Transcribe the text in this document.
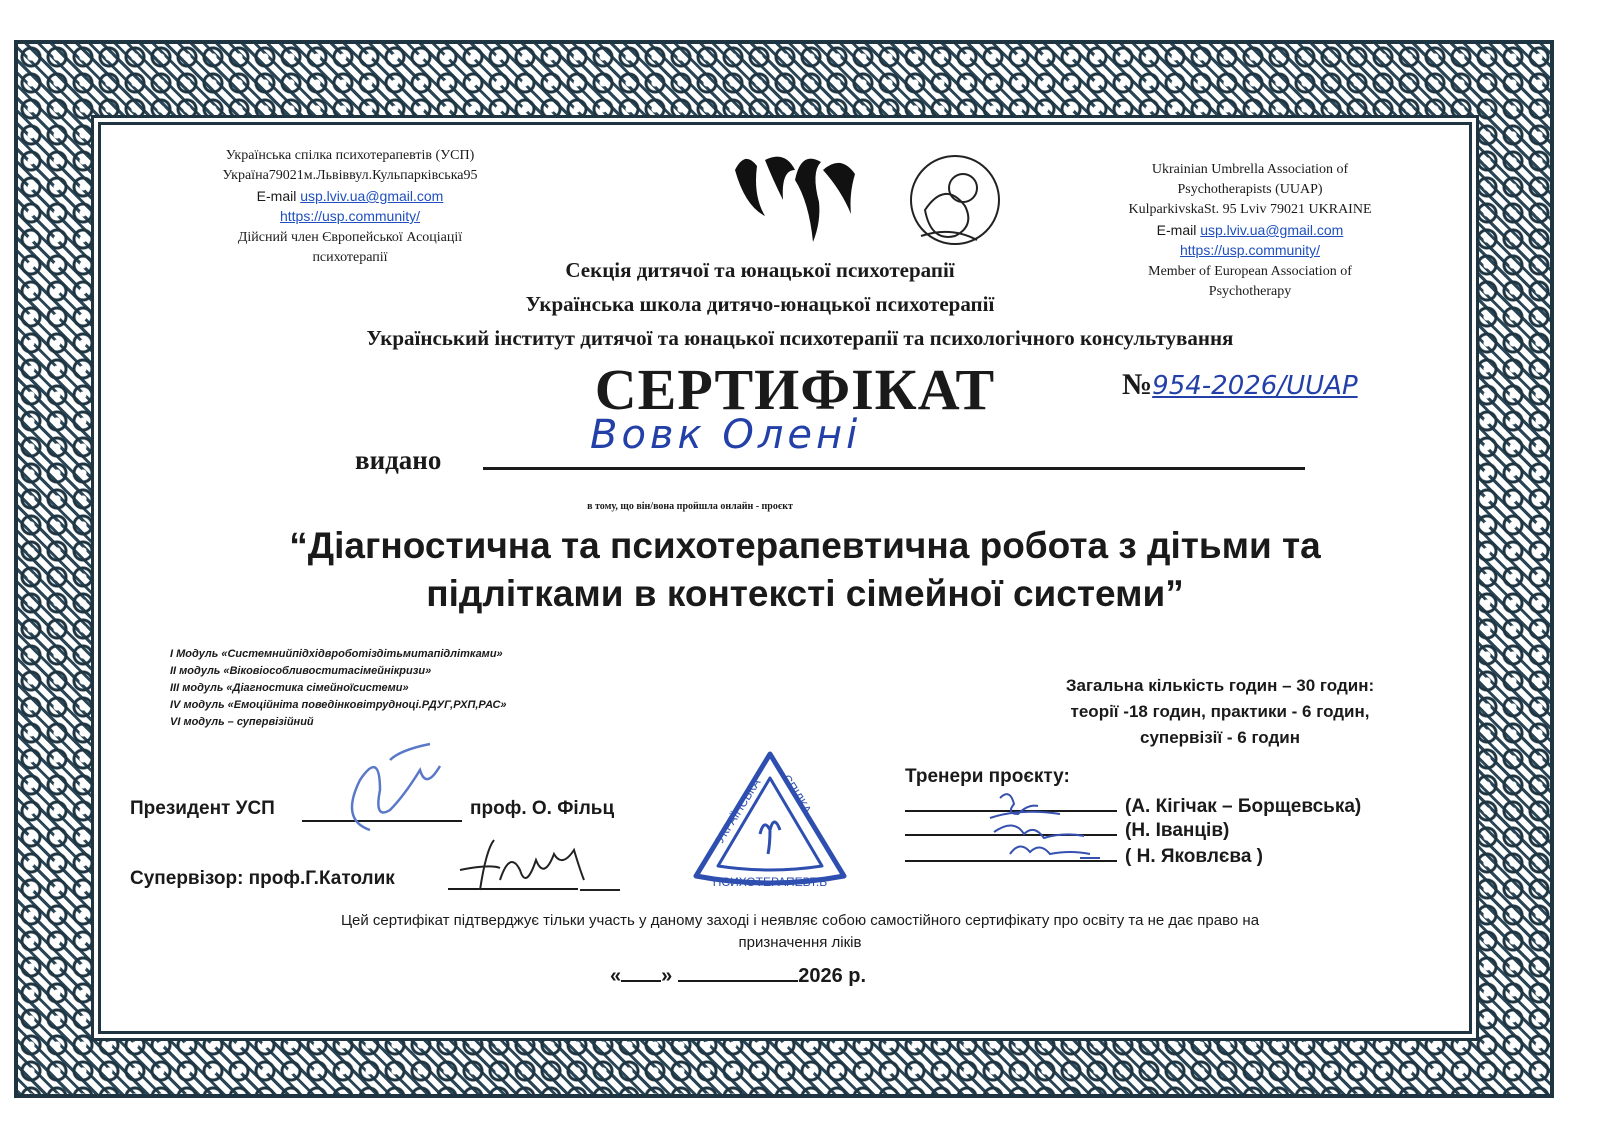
Українська спілка психотерапевтів (УСП)
Україна79021м.Львіввул.Кульпарківська95
E-mail usp.lviv.ua@gmail.com
https://usp.community/
Дійсний член Європейської Асоціації
психотерапії
Ukrainian Umbrella Association of
Psychotherapists (UUAP)
KulparkivskaSt. 95 Lviv 79021 UKRAINE
E-mail usp.lviv.ua@gmail.com
https://usp.community/
Member of European Association of
Psychotherapy
Секція дитячої та юнацької психотерапії
Українська школа дитячо-юнацької психотерапії
Український інститут дитячої та юнацької психотерапії та психологічного консультування
СЕРТИФІКАТ	№954-2026/UUAP
видано
Вовк Олені
в тому, що він/вона пройшла онлайн - проєкт
“Діагностична та психотерапевтична робота з дітьми та
підлітками в контексті сімейної системи”
I Модуль «Системнийпідхідвроботіздітьмитапідлітками»
II модуль «Віковіособливоститасімейнікризи»
III модуль «Діагностика сімейноїсистеми»
IV модуль «Емоційніта поведінковітрудноці.РДУГ,РХП,РАС»
VI модуль – супервізійний
Загальна кількість годин – 30 годин:
теорії -18 годин, практики - 6 годин,
супервізії - 6 годин
Президент УСП	проф. О. Фільц
Супервізор: проф.Г.Католик
УКРАЇНСЬКА СПІЛКА
ПСИХОТЕРАПЕВТ.В
Тренери проєкту:
(А. Кігічак – Борщевська)
(Н. Іванців)
( Н. Яковлєва )
Цей сертифікат підтверджує тільки участь у даному заході і неявляє собою самостійного сертифікату про освіту та не дає право на
призначення ліків
« »	2026 р.
